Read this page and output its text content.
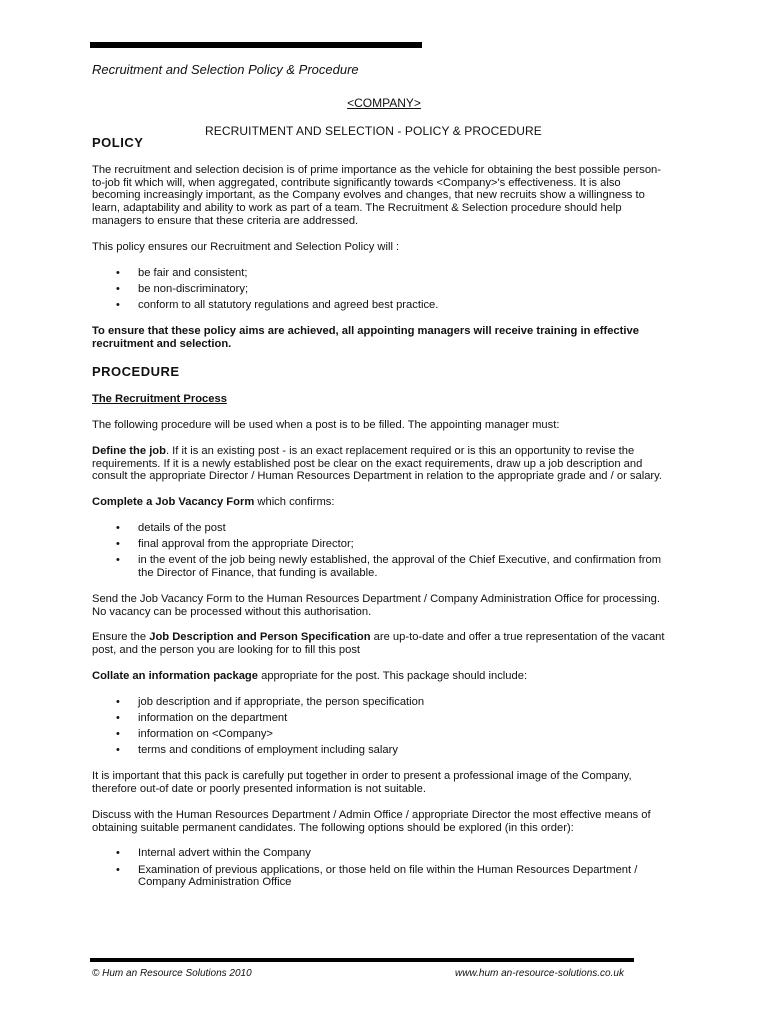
Recruitment and Selection Policy & Procedure
<COMPANY>
RECRUITMENT AND SELECTION - POLICY & PROCEDURE
POLICY

The recruitment and selection decision is of prime importance as the vehicle for obtaining the best possible person-to-job fit which will, when aggregated, contribute significantly towards <Company>'s effectiveness. It is also becoming increasingly important, as the Company evolves and changes, that new recruits show a willingness to learn, adaptability and ability to work as part of a team. The Recruitment & Selection procedure should help managers to ensure that these criteria are addressed.

This policy ensures our Recruitment and Selection Policy will :

• be fair and consistent;
• be non-discriminatory;
• conform to all statutory regulations and agreed best practice.

To ensure that these policy aims are achieved, all appointing managers will receive training in effective recruitment and selection.

PROCEDURE
The Recruitment Process

The following procedure will be used when a post is to be filled. The appointing manager must:

Define the job. If it is an existing post - is an exact replacement required or is this an opportunity to revise the requirements. If it is a newly established post be clear on the exact requirements, draw up a job description and consult the appropriate Director / Human Resources Department in relation to the appropriate grade and / or salary.

Complete a Job Vacancy Form which confirms:

• details of the post
• final approval from the appropriate Director;
• in the event of the job being newly established, the approval of the Chief Executive, and confirmation from the Director of Finance, that funding is available.

Send the Job Vacancy Form to the Human Resources Department / Company Administration Office for processing. No vacancy can be processed without this authorisation.

Ensure the Job Description and Person Specification are up-to-date and offer a true representation of the vacant post, and the person you are looking for to fill this post

Collate an information package appropriate for the post. This package should include:

• job description and if appropriate, the person specification
• information on the department
• information on <Company>
• terms and conditions of employment including salary

It is important that this pack is carefully put together in order to present a professional image of the Company, therefore out-of date or poorly presented information is not suitable.

Discuss with the Human Resources Department / Admin Office / appropriate Director the most effective means of obtaining suitable permanent candidates. The following options should be explored (in this order):

• Internal advert within the Company
• Examination of previous applications, or those held on file within the Human Resources Department / Company Administration Office
© Hum an Resource Solutions 2010	www.hum an-resource-solutions.co.uk
